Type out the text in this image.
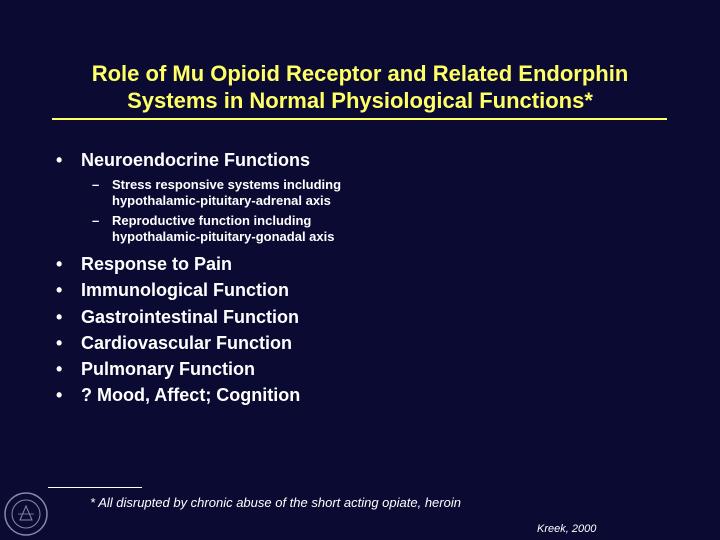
Role of Mu Opioid Receptor and Related Endorphin
Systems in Normal Physiological Functions*
• Neuroendocrine Functions
– Stress responsive systems including
hypothalamic-pituitary-adrenal axis
– Reproductive function including
hypothalamic-pituitary-gonadal axis
• Response to Pain
• Immunological Function
• Gastrointestinal Function
• Cardiovascular Function
• Pulmonary Function
• ? Mood, Affect; Cognition
* All disrupted by chronic abuse of the short acting opiate, heroin
Kreek, 2000
